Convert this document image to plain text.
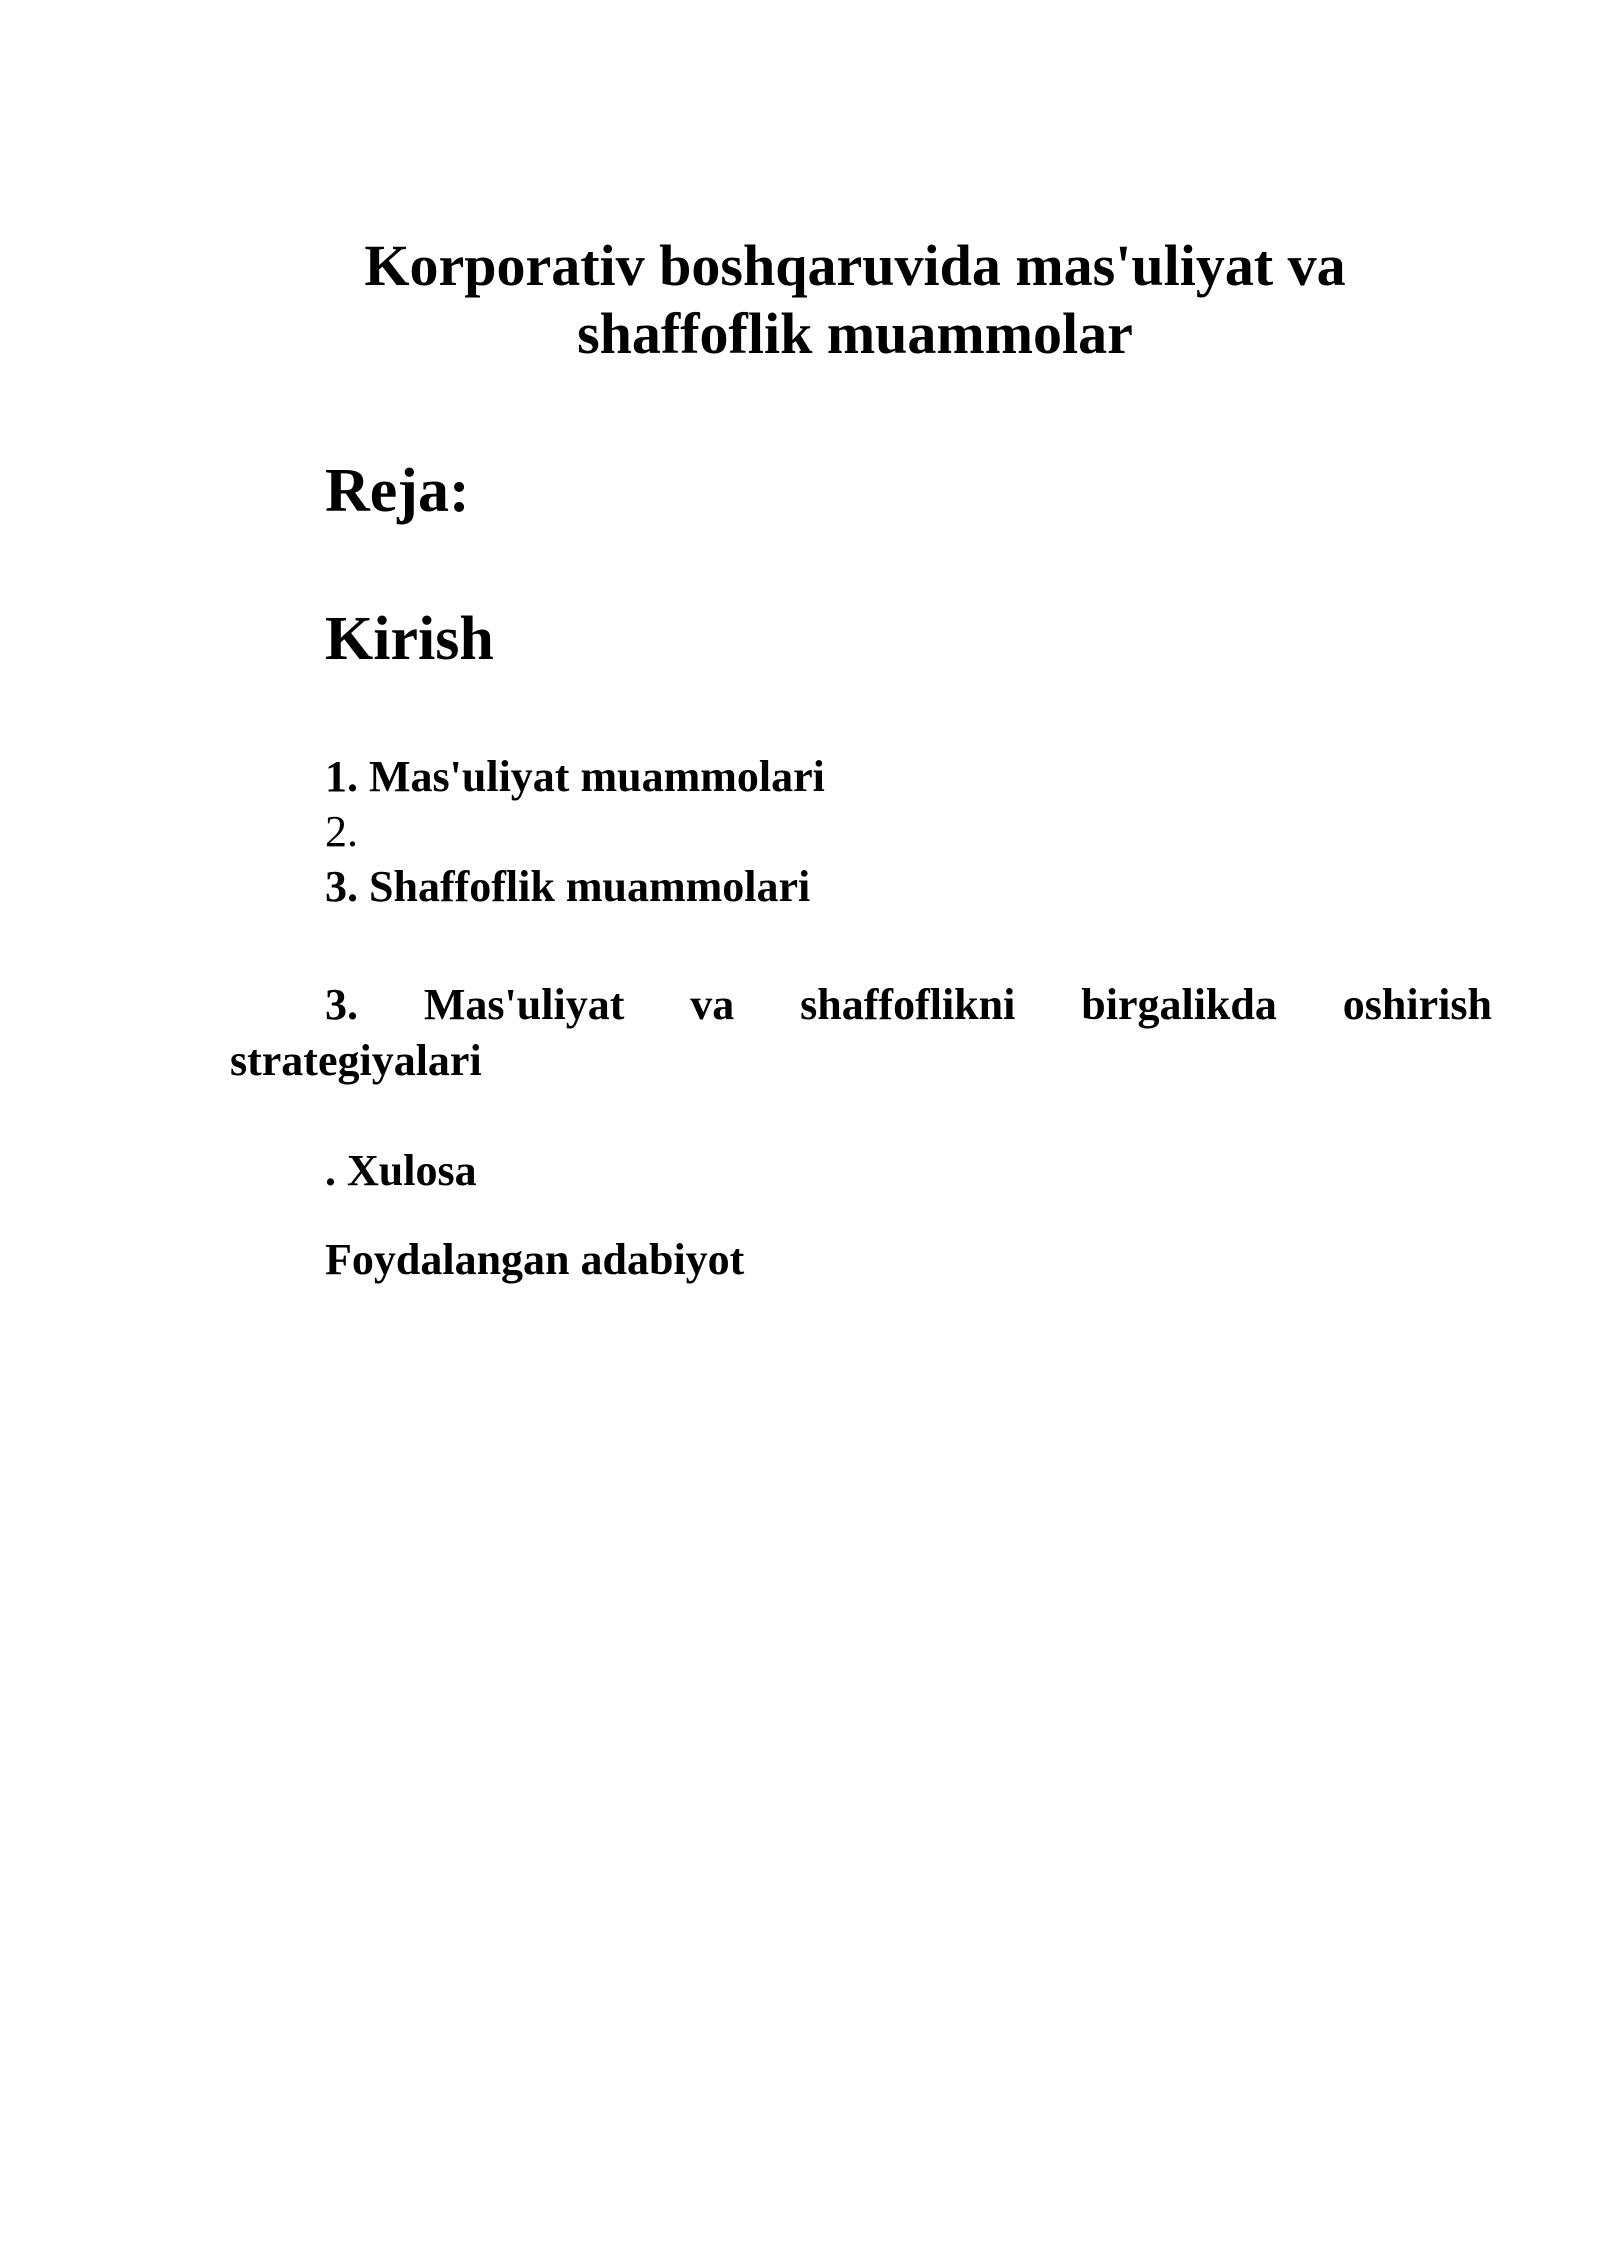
Korporativ boshqaruvida mas'uliyat va
shaffoflik muammolar
Reja:
Kirish

1. Mas'uliyat muammolari

2.

3. Shaffoflik muammolari

3. Mas'uliyat va shaffoflikni birgalikda oshirish
strategiyalari

. Xulosa

Foydalangan adabiyot
